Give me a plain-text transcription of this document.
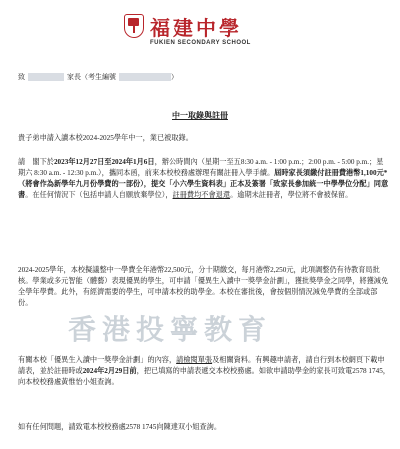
福建中學
FUKIEN SECONDARY SCHOOL
致	家長（考生編號	）
中一取錄與註冊
貴子弟申請入讀本校2024-2025學年中一，業已被取錄。
請　閣下於2023年12月27日至2024年1月6日，辦公時間內（星期一至五8:30 a.m. - 1:00 p.m.；2:00 p.m. - 5:00 p.m.；星期六 8:30 a.m. - 12:30 p.m.），攜同本函，前來本校校務處辦理有關註冊入學手續。屆時家長須繳付註冊費港幣1,100元*（將會作為新學年九月份學費的一部份），提交「小六學生資料表」正本及簽署「致家長參加統一中學學位分配」同意書。在任何情況下（包括申請人自願放棄學位），註冊費均不會退還。逾期未註冊者，學位將不會被保留。
2024-2025學年，本校擬議整中一學費全年港幣22,500元，分十期繳交，每月港幣2,250元，此項調整仍有待教育局批核。學業或多元智能（體藝）表現優異的學生，可申請「優異生入讀中一獎學金計劃」，獲批獎學金之同學，將獲減免全學年學費。此外，有經濟需要的學生，可申請本校的助學金。本校在審批後，會按個別情況減免學費的全部或部份。
香港投寧教育
有關本校「優異生入讀中一獎學金計劃」的內容，請檢閱單張及相關資料。有興趣申請者，請自行到本校網頁下載申請表，並於註冊時或2024年2月29日前，把已填寫的申請表遞交本校校務處。如欲申請助學金的家長可致電2578 1745，向本校校務處黃惟怡小姐查詢。
如有任何問題，請致電本校校務處2578 1745向陳達双小姐查詢。
